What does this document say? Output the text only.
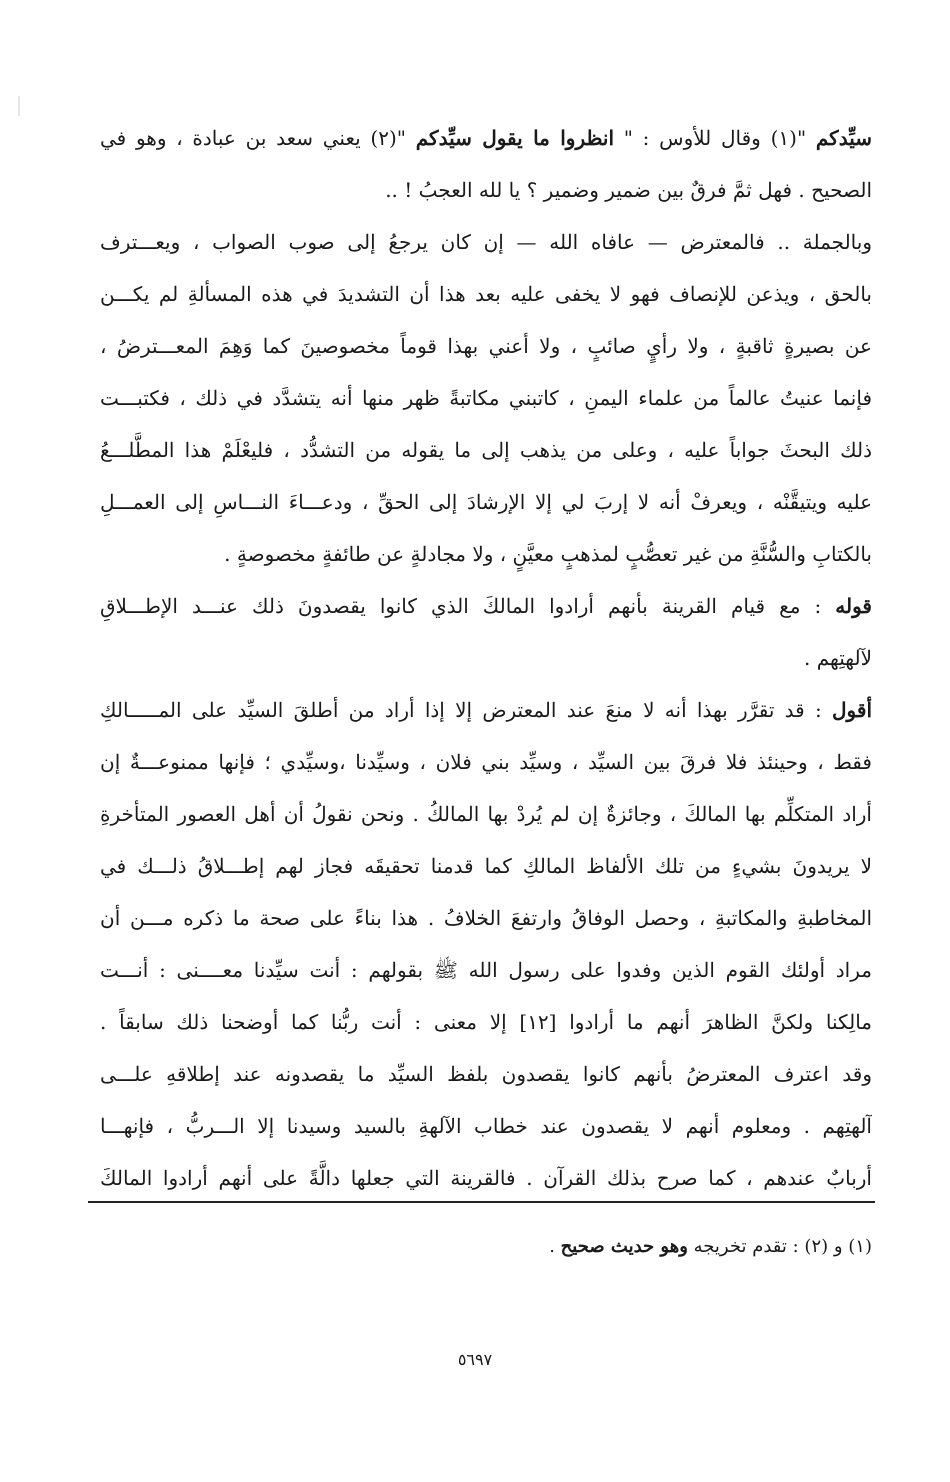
سيِّدكم "(١) وقال للأوس : " انظروا ما يقول سيِّدكم "(٢) يعني سعد بن عبادة ، وهو في
الصحيح . فهل ثمَّ فرقٌ بين ضمير وضمير ؟ يا لله العجبُ ! ..
وبالجملة .. فالمعترض — عافاه الله — إن كان يرجعُ إلى صوب الصواب ، ويعـــترف
بالحق ، ويذعن للإنصاف فهو لا يخفى عليه بعد هذا أن التشديدَ في هذه المسألةِ لم يكـــن
عن بصيرةٍ ثاقبةٍ ، ولا رأيٍ صائبٍ ، ولا أعني بهذا قوماً مخصوصينَ كما وَهِمَ المعـــترضُ ،
فإنما عنيتُ عالماً من علماء اليمنِ ، كاتبني مكاتبةً ظهر منها أنه يتشدَّد في ذلك ، فكتبـــت
ذلك البحثَ جواباً عليه ، وعلى من يذهب إلى ما يقوله من التشدُّد ، فليعْلَمْ هذا المطَّلـــعُ
عليه ويتيقَّنْه ، ويعرفْ أنه لا إربَ لي إلا الإرشادَ إلى الحقِّ ، ودعـــاءَ النـــاسِ إلى العمـــلِ
بالكتابِ والسُّنَّةِ من غير تعصُّبٍ لمذهبٍ معيَّنٍ ، ولا مجادلةٍ عن طائفةٍ مخصوصةٍ .
قوله : مع قيام القرينة بأنهم أرادوا المالكَ الذي كانوا يقصدونَ ذلك عنـــد الإطـــلاقِ
لآلهتِهم .
أقول : قد تقرَّر بهذا أنه لا منعَ عند المعترض إلا إذا أراد من أطلقَ السيِّد على المـــــالكِ
فقط ، وحينئذ فلا فرقَ بين السيِّد ، وسيِّد بني فلان ، وسيِّدنا ،وسيِّدي ؛ فإنها ممنوعـــةٌ إن
أراد المتكلِّم بها المالكَ ، وجائزةٌ إن لم يُردْ بها المالكُ . ونحن نقولُ أن أهل العصور المتأخرةِ
لا يريدونَ بشيءٍ من تلك الألفاظ المالكِ كما قدمنا تحقيقَه فجاز لهم إطـــلاقُ ذلـــك في
المخاطبةِ والمكاتبةِ ، وحصل الوفاقُ وارتفعَ الخلافُ . هذا بناءً على صحة ما ذكره مـــن أن
مراد أولئك القوم الذين وفدوا على رسول الله ﷺ بقولهم : أنت سيِّدنا معــــنى : أنـــت
مالِكنا ولكنَّ الظاهرَ أنهم ما أرادوا [١٢] إلا معنى : أنت ربُّنا كما أوضحنا ذلك سابقاً .
وقد اعترف المعترضُ بأنهم كانوا يقصدون بلفظ السيِّد ما يقصدونه عند إطلاقهِ علـــى
آلهتِهم . ومعلوم أنهم لا يقصدون عند خطاب الآلهةِ بالسيد وسيدنا إلا الـــربُّ ، فإنهـــا
أربابٌ عندهم ، كما صرح بذلك القرآن . فالقرينة التي جعلها دالَّةً على أنهم أرادوا المالكَ
(١) و (٢) : تقدم تخريجه وهو حديث صحيح .
٥٦٩٧
